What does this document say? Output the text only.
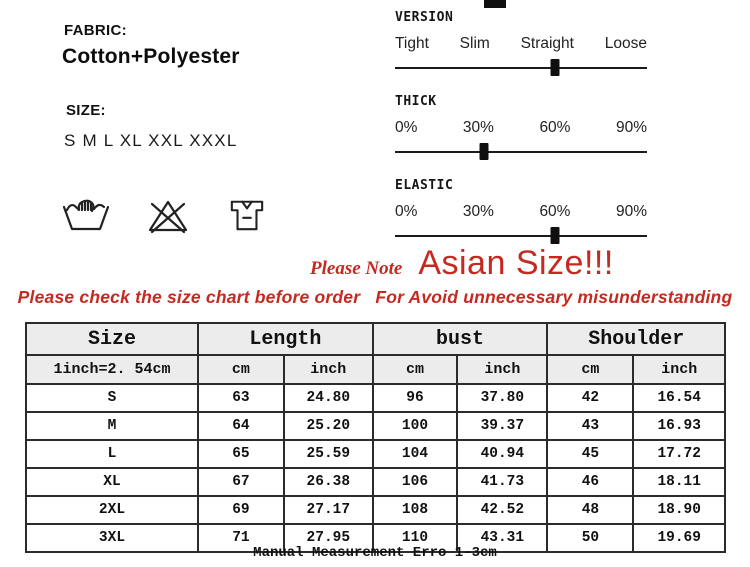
FABRIC:
Cotton+Polyester
SIZE:
S M L XL XXL XXXL
VERSION
Tight Slim Straight Loose
THICK
0%	30%	60%	90%
ELASTIC
0%	30%	60%	90%
Please Note Asian Size!!!
Please check the size chart before order For Avoid unnecessary misunderstanding
Size	Length		bust		Shoulder	
1inch=2. 54cm	cm	inch	cm	inch	cm	inch
S	63	24.80	96	37.80	42	16.54
M	64	25.20	100	39.37	43	16.93
L	65	25.59	104	40.94	45	17.72
XL	67	26.38	106	41.73	46	18.11
2XL	69	27.17	108	42.52	48	18.90
3XL	71	27.95	110	43.31	50	19.69
Manual Measurement Erro 1-3cm
